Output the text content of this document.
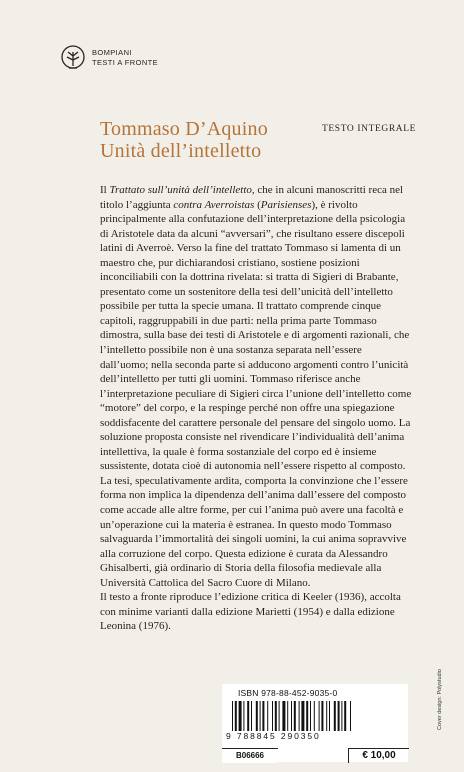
BOMPIANI
TESTI A FRONTE
Tommaso D’Aquino
Unità dell’intelletto
TESTO INTEGRALE

Il Trattato sull’unità dell’intelletto, che in alcuni manoscritti reca nel titolo l’aggiunta contra Averroistas (Parisienses), è rivolto principalmente alla confutazione dell’interpretazione della psicologia di Aristotele data da alcuni “avversari”, che risultano essere discepoli latini di Averroè. Verso la fine del trattato Tommaso si lamenta di un maestro che, pur dichiarandosi cristiano, sostiene posizioni inconciliabili con la dottrina rivelata: si tratta di Sigieri di Brabante, presentato come un sostenitore della tesi dell’unicità dell’intelletto possibile per tutta la specie umana. Il trattato comprende cinque capitoli, raggruppabili in due parti: nella prima parte Tommaso dimostra, sulla base dei testi di Aristotele e di argomenti razionali, che l’intelletto possibile non è una sostanza separata nell’essere dall’uomo; nella seconda parte si adducono argomenti contro l’unicità dell’intelletto per tutti gli uomini. Tommaso riferisce anche l’interpretazione peculiare di Sigieri circa l’unione dell’intelletto come “motore” del corpo, e la respinge perché non offre una spiegazione soddisfacente del carattere personale del pensare del singolo uomo. La soluzione proposta consiste nel rivendicare l’individualità dell’anima intellettiva, la quale è forma sostanziale del corpo ed è insieme sussistente, dotata cioè di autonomia nell’essere rispetto al composto. La tesi, speculativamente ardita, comporta la convinzione che l’essere forma non implica la dipendenza dell’anima dall’essere del composto come accade alle altre forme, per cui l’anima può avere una facoltà e un’operazione cui la materia è estranea. In questo modo Tommaso salvaguarda l’immortalità dei singoli uomini, la cui anima sopravvive alla corruzione del corpo. Questa edizione è curata da Alessandro Ghisalberti, già ordinario di Storia della filosofia medievale alla Università Cattolica del Sacro Cuore di Milano.

Il testo a fronte riproduce l’edizione critica di Keeler (1936), accolta con minime varianti dalla edizione Marietti (1954) e dalla edizione Leonina (1976).

Cover design: Polystudio
ISBN 978-88-452-9035-0
9 788845 290350
B06666	€ 10,00
